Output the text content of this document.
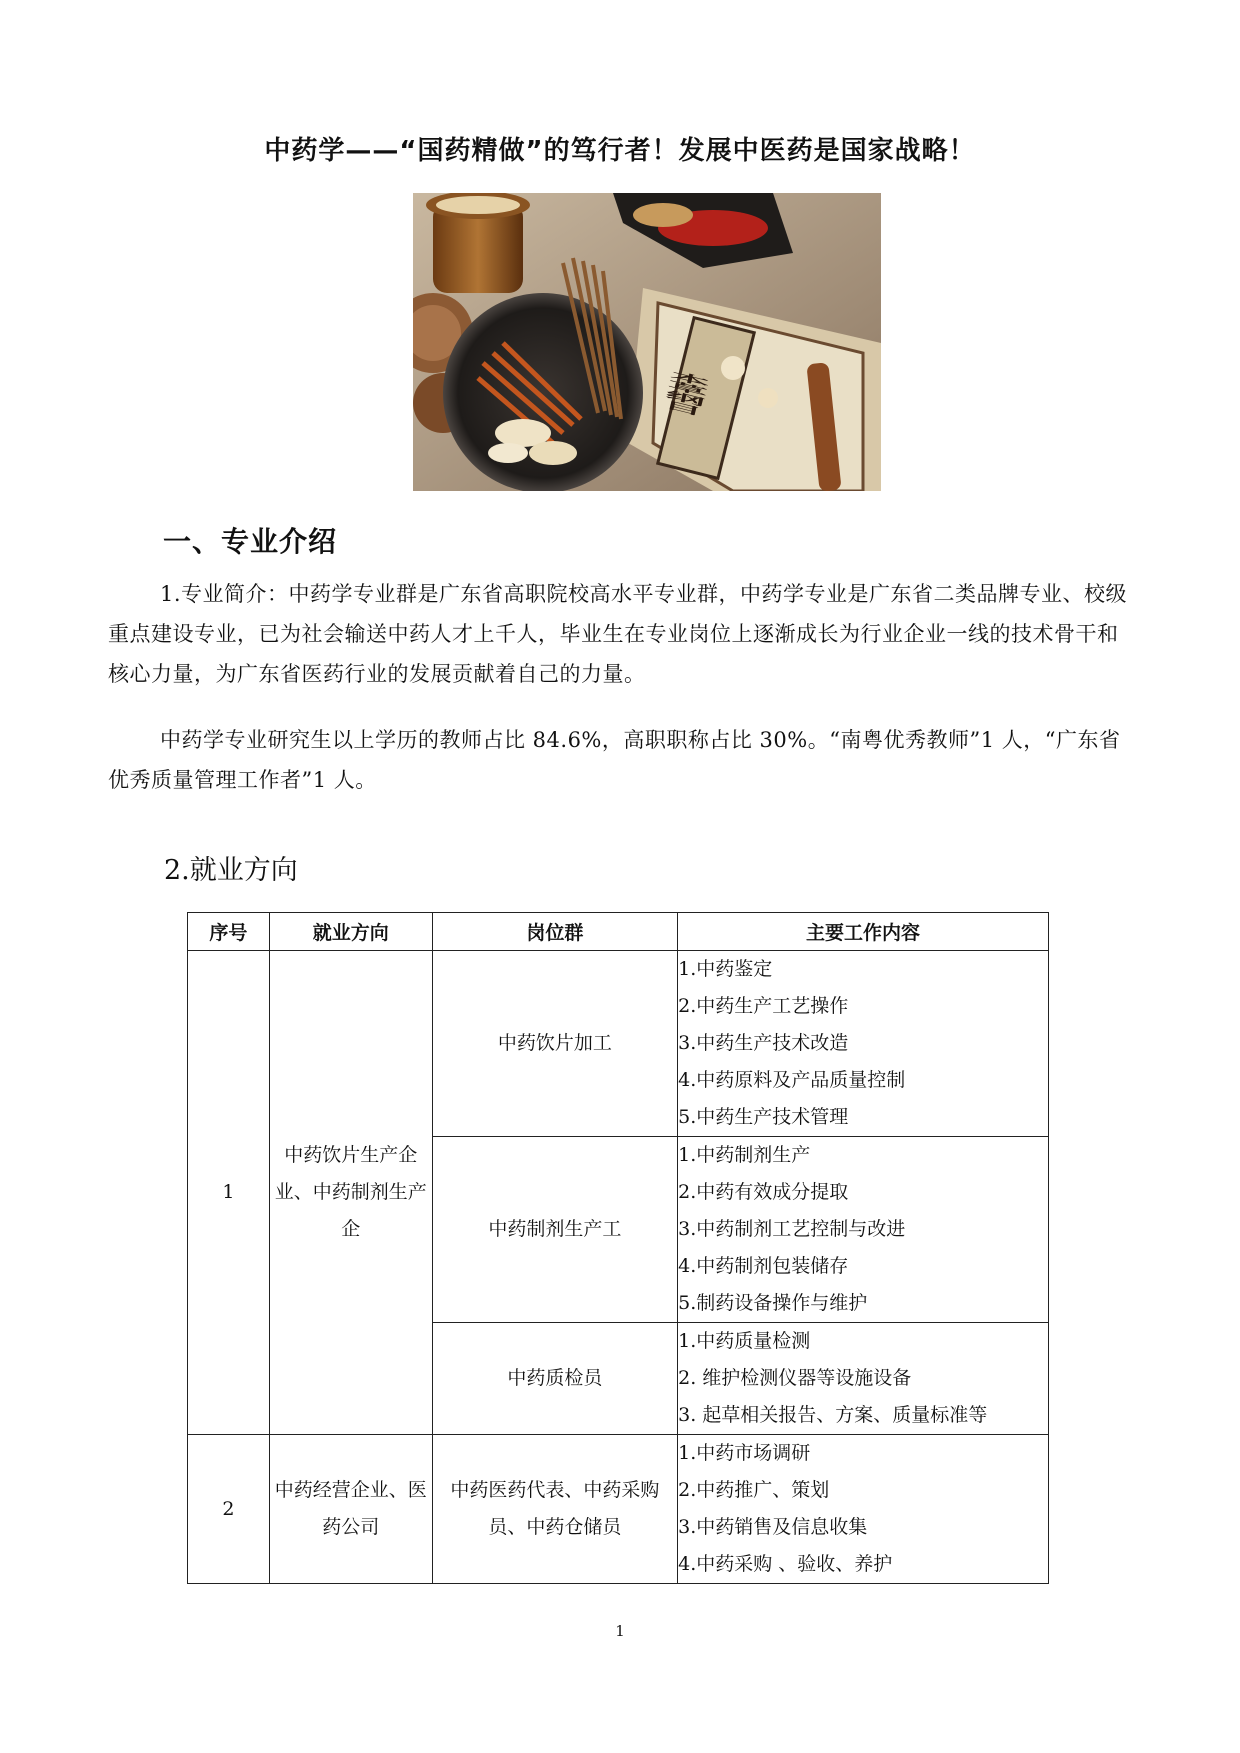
中药学——“国药精做”的笃行者！发展中医药是国家战略！
一、专业介绍

1.专业简介：中药学专业群是广东省高职院校高水平专业群，中药学专业是广东省二类品牌专业、校级重点建设专业，已为社会输送中药人才上千人，毕业生在专业岗位上逐渐成长为行业企业一线的技术骨干和核心力量，为广东省医药行业的发展贡献着自己的力量。

中药学专业研究生以上学历的教师占比 84.6%，高职职称占比 30%。“南粤优秀教师”1 人，“广东省优秀质量管理工作者”1 人。

2.就业方向
序号	就业方向	岗位群	主要工作内容
1	中药饮片生产企业、中药制剂生产企	中药饮片加工	1.中药鉴定
2.中药生产工艺操作
3.中药生产技术改造
4.中药原料及产品质量控制
5.中药生产技术管理

		中药制剂生产工	1.中药制剂生产
2.中药有效成分提取
3.中药制剂工艺控制与改进
4.中药制剂包装储存
5.制药设备操作与维护

		中药质检员	1.中药质量检测
2. 维护检测仪器等设施设备
3. 起草相关报告、方案、质量标准等

2	中药经营企业、医药公司	中药医药代表、中药采购员、中药仓储员	1.中药市场调研
2.中药推广、策划
3.中药销售及信息收集
4.中药采购 、验收、养护
1
